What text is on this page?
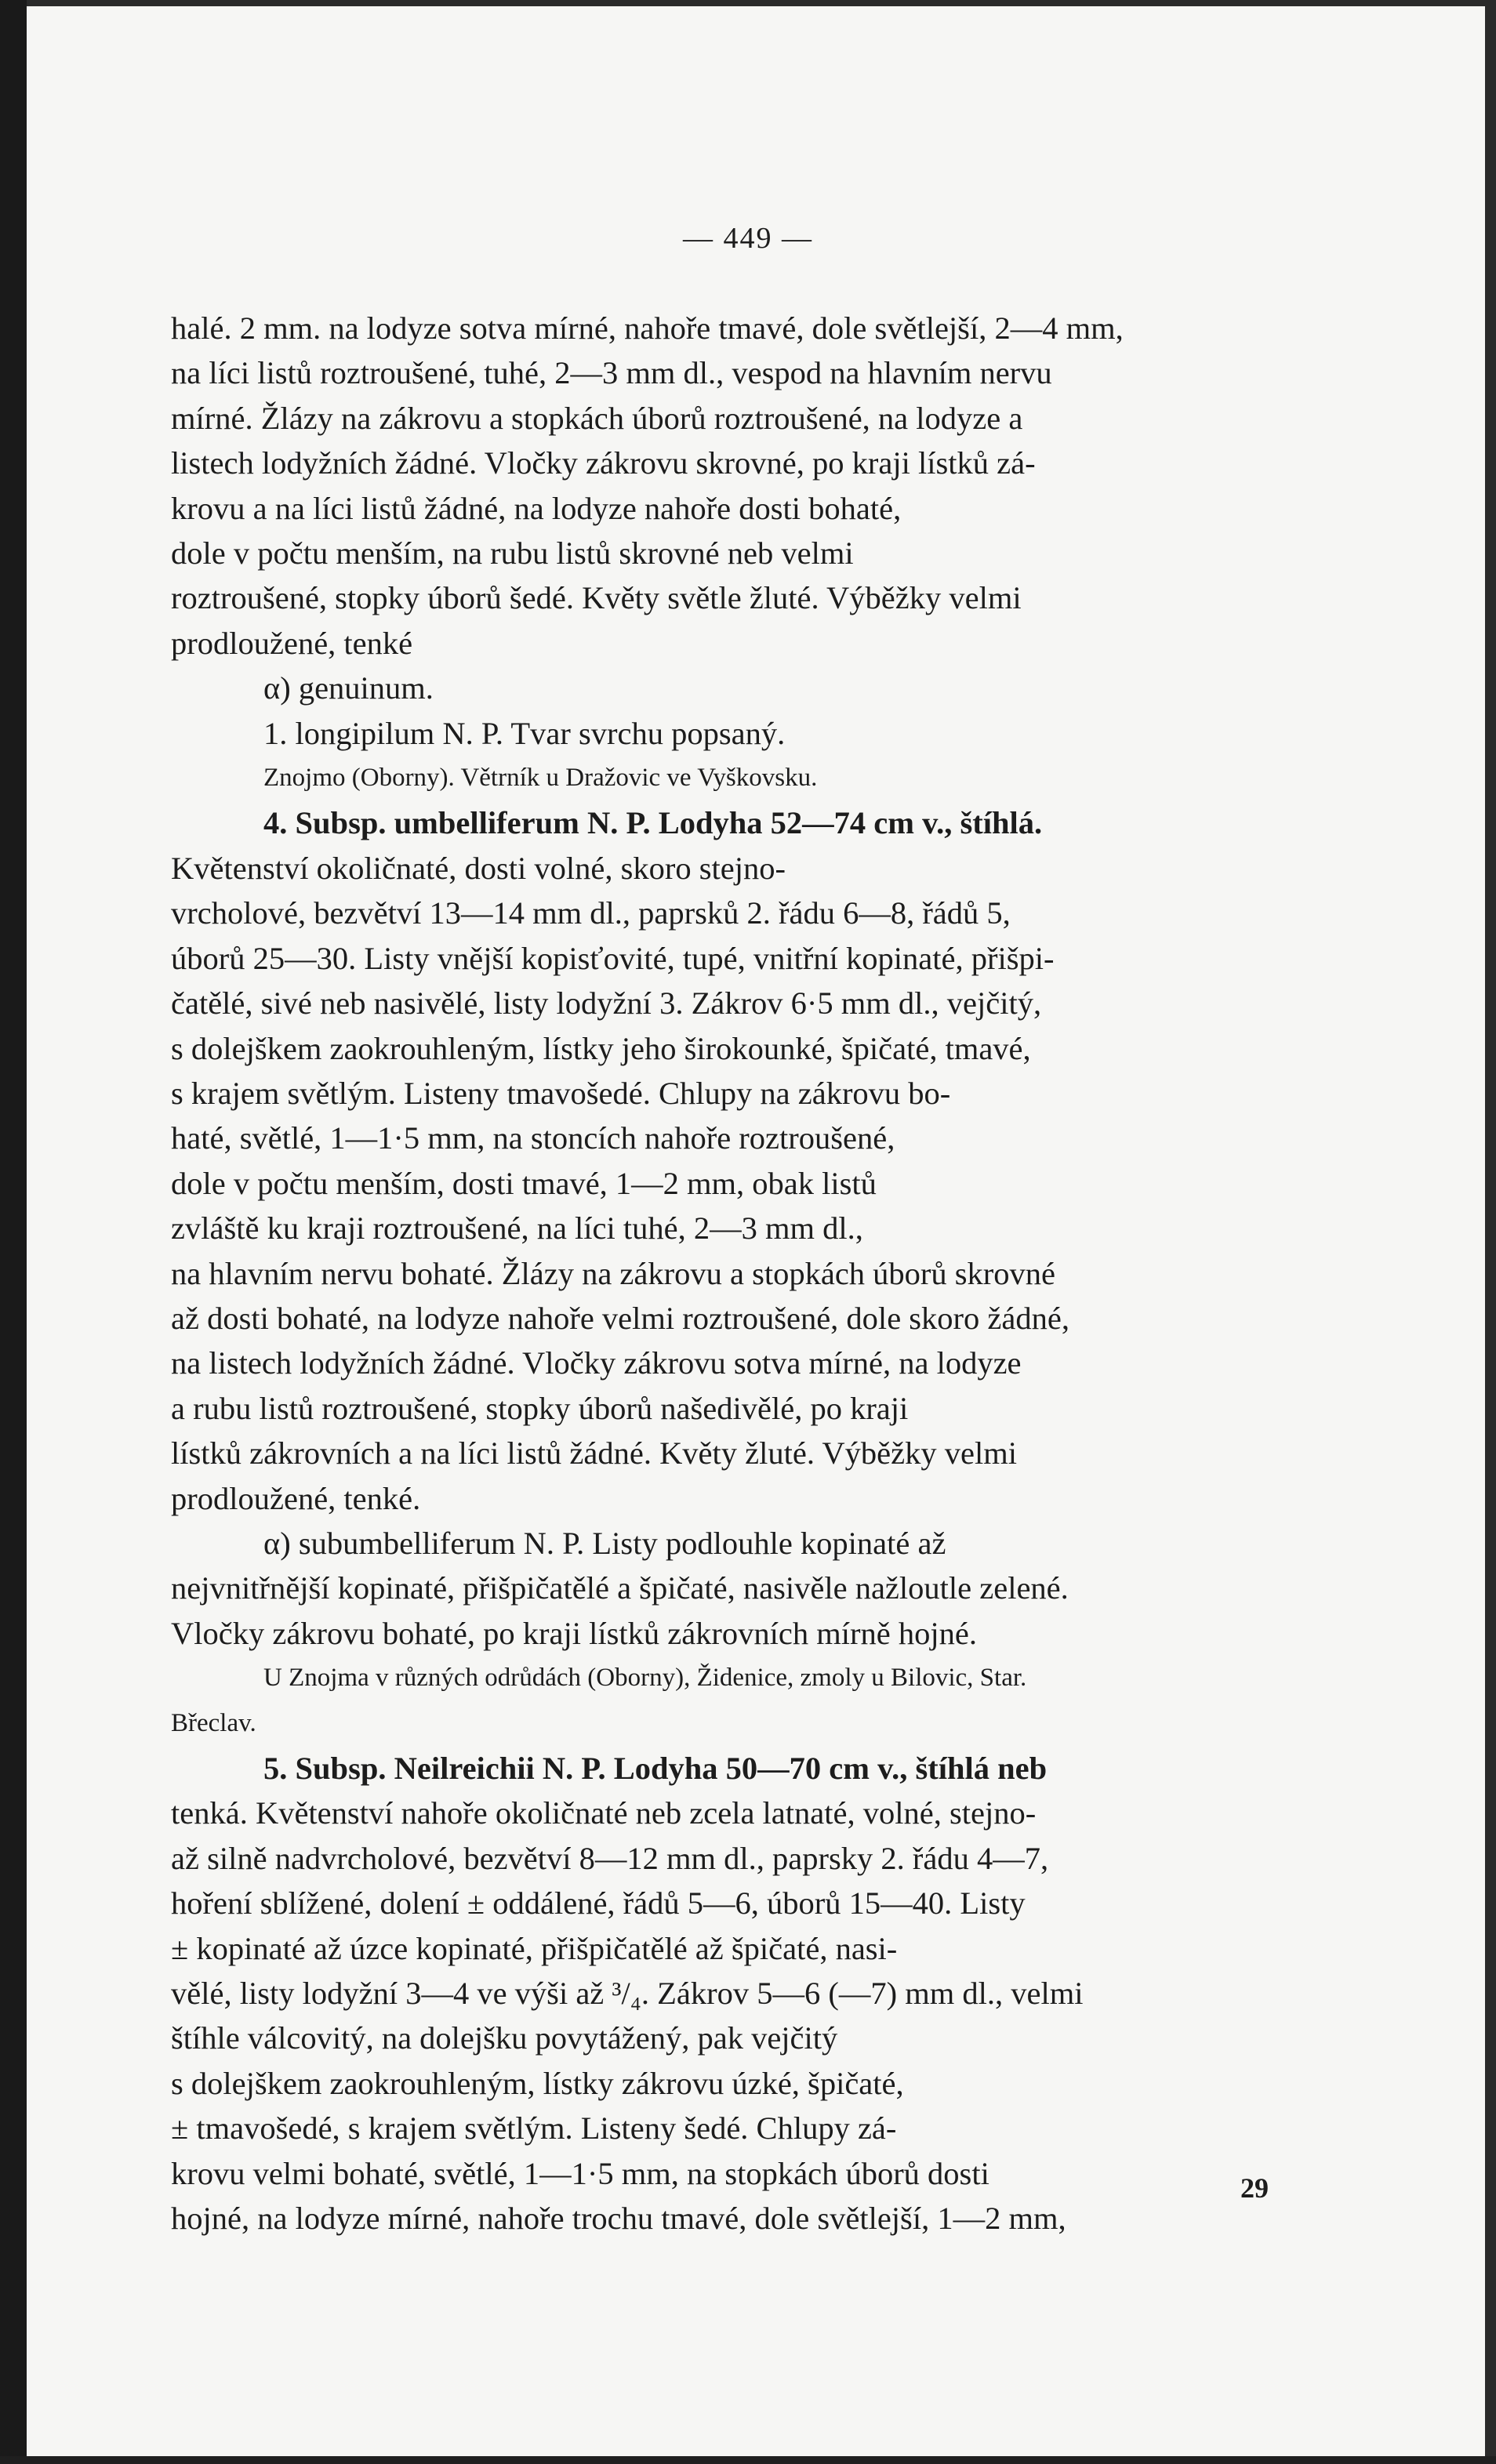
— 449 —
halé. 2 mm. na lodyze sotva mírné, nahoře tmavé, dole světlejší, 2—4 mm,
na líci listů roztroušené, tuhé, 2—3 mm dl., vespod na hlavním nervu
mírné. Žlázy na zákrovu a stopkách úborů roztroušené, na lodyze a
listech lodyžních žádné. Vločky zákrovu skrovné, po kraji lístků zá-
krovu a na líci listů žádné, na lodyze nahoře dosti bohaté,
dole v počtu menším, na rubu listů skrovné neb velmi
roztroušené, stopky úborů šedé. Květy světle žluté. Výběžky velmi
prodloužené, tenké
α) genuinum.
1. longipilum N. P. Tvar svrchu popsaný.
Znojmo (Oborny). Větrník u Dražovic ve Vyškovsku.
4. Subsp. umbelliferum N. P. Lodyha 52—74 cm v., štíhlá.
Květenství okoličnaté, dosti volné, skoro stejno-
vrcholové, bezvětví 13—14 mm dl., paprsků 2. řádu 6—8, řádů 5,
úborů 25—30. Listy vnější kopisťovité, tupé, vnitřní kopinaté, přišpi-
čatělé, sivé neb nasivělé, listy lodyžní 3. Zákrov 6·5 mm dl., vejčitý,
s dolejškem zaokrouhleným, lístky jeho širokounké, špičaté, tmavé,
s krajem světlým. Listeny tmavošedé. Chlupy na zákrovu bo-
haté, světlé, 1—1·5 mm, na stoncích nahoře roztroušené,
dole v počtu menším, dosti tmavé, 1—2 mm, obak listů
zvláště ku kraji roztroušené, na líci tuhé, 2—3 mm dl.,
na hlavním nervu bohaté. Žlázy na zákrovu a stopkách úborů skrovné
až dosti bohaté, na lodyze nahoře velmi roztroušené, dole skoro žádné,
na listech lodyžních žádné. Vločky zákrovu sotva mírné, na lodyze
a rubu listů roztroušené, stopky úborů našedivělé, po kraji
lístků zákrovních a na líci listů žádné. Květy žluté. Výběžky velmi
prodloužené, tenké.
α) subumbelliferum N. P. Listy podlouhle kopinaté až
nejvnitřnější kopinaté, přišpičatělé a špičaté, nasivěle nažloutle zelené.
Vločky zákrovu bohaté, po kraji lístků zákrovních mírně hojné.
U Znojma v různých odrůdách (Oborny), Židenice, zmoly u Bilovic, Star.
Břeclav.
5. Subsp. Neilreichii N. P. Lodyha 50—70 cm v., štíhlá neb
tenká. Květenství nahoře okoličnaté neb zcela latnaté, volné, stejno-
až silně nadvrcholové, bezvětví 8—12 mm dl., paprsky 2. řádu 4—7,
hoření sblížené, dolení ± oddálené, řádů 5—6, úborů 15—40. Listy
± kopinaté až úzce kopinaté, přišpičatělé až špičaté, nasi-
vělé, listy lodyžní 3—4 ve výši až ³/₄. Zákrov 5—6 (—7) mm dl., velmi
štíhle válcovitý, na dolejšku povytážený, pak vejčitý
s dolejškem zaokrouhleným, lístky zákrovu úzké, špičaté,
± tmavošedé, s krajem světlým. Listeny šedé. Chlupy zá-
krovu velmi bohaté, světlé, 1—1·5 mm, na stopkách úborů dosti
hojné, na lodyze mírné, nahoře trochu tmavé, dole světlejší, 1—2 mm,
29
